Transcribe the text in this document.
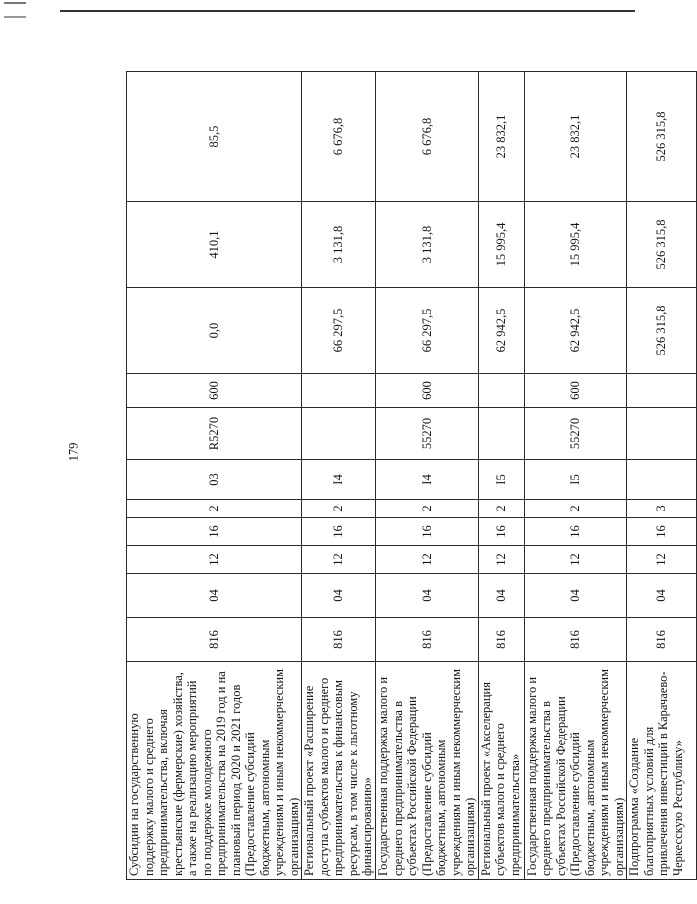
179
Субсидии на государственную поддержку малого и среднего предпринимательства, включая крестьянские (фермерские) хозяйства, а также на реализацию мероприятий по поддержке молодежного предпринимательства на 2019 год и на плановый период 2020 и 2021 годов (Предоставление субсидий бюджетным, автономным учреждениям и иным некоммерческим организациям)	816	04	12	16	2	03	R5270	600	0,0	410,1	85,5
Региональный проект «Расширение доступа субъектов малого и среднего предпринимательства к финансовым ресурсам, в том числе к льготному финансированию»	816	04	12	16	2	I4			66 297,5	3 131,8	6 676,8
Государственная поддержка малого и среднего предпринимательства в субъектах Российской Федерации (Предоставление субсидий бюджетным, автономным учреждениям и иным некоммерческим организациям)	816	04	12	16	2	I4	55270	600	66 297,5	3 131,8	6 676,8
Региональный проект «Акселерация субъектов малого и среднего предпринимательства»	816	04	12	16	2	I5			62 942,5	15 995,4	23 832,1
Государственная поддержка малого и среднего предпринимательства в субъектах Российской Федерации (Предоставление субсидий бюджетным, автономным учреждениям и иным некоммерческим организациям)	816	04	12	16	2	I5	55270	600	62 942,5	15 995,4	23 832,1
Подпрограмма «Создание благоприятных условий для привлечения инвестиций в Карачаево-Черкесскую Республику»	816	04	12	16	3				526 315,8	526 315,8	526 315,8
